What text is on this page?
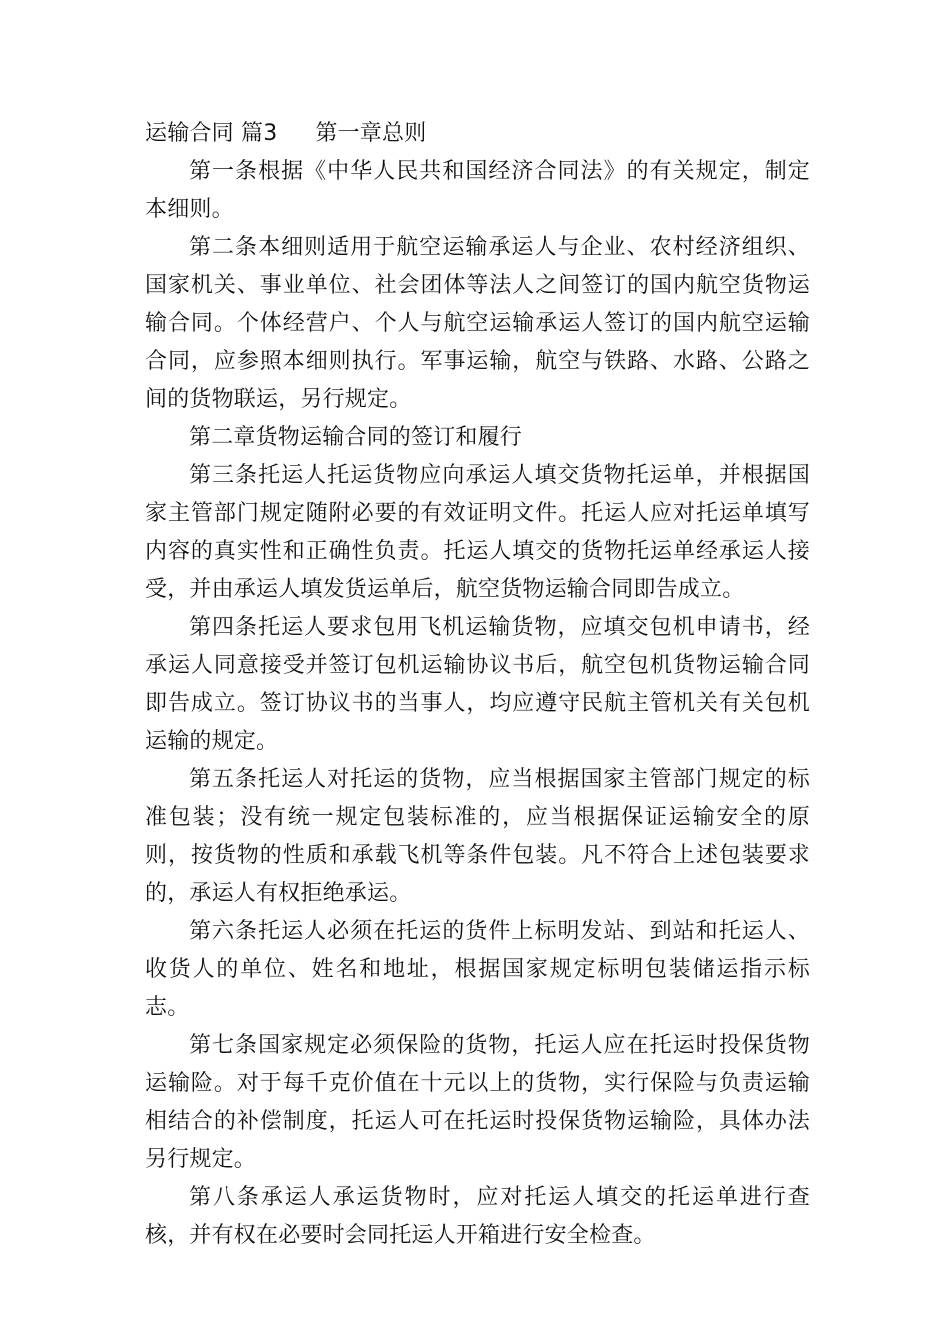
运输合同 篇3 第一章总则

第一条根据《中华人民共和国经济合同法》的有关规定，制定本细则。

第二条本细则适用于航空运输承运人与企业、农村经济组织、国家机关、事业单位、社会团体等法人之间签订的国内航空货物运输合同。个体经营户、个人与航空运输承运人签订的国内航空运输合同，应参照本细则执行。军事运输，航空与铁路、水路、公路之间的货物联运，另行规定。

第二章货物运输合同的签订和履行

第三条托运人托运货物应向承运人填交货物托运单，并根据国家主管部门规定随附必要的有效证明文件。托运人应对托运单填写内容的真实性和正确性负责。托运人填交的货物托运单经承运人接受，并由承运人填发货运单后，航空货物运输合同即告成立。

第四条托运人要求包用飞机运输货物，应填交包机申请书，经承运人同意接受并签订包机运输协议书后，航空包机货物运输合同即告成立。签订协议书的当事人，均应遵守民航主管机关有关包机运输的规定。

第五条托运人对托运的货物，应当根据国家主管部门规定的标准包装；没有统一规定包装标准的，应当根据保证运输安全的原则，按货物的性质和承载飞机等条件包装。凡不符合上述包装要求的，承运人有权拒绝承运。

第六条托运人必须在托运的货件上标明发站、到站和托运人、收货人的单位、姓名和地址，根据国家规定标明包装储运指示标志。

第七条国家规定必须保险的货物，托运人应在托运时投保货物运输险。对于每千克价值在十元以上的货物，实行保险与负责运输相结合的补偿制度，托运人可在托运时投保货物运输险，具体办法另行规定。

第八条承运人承运货物时，应对托运人填交的托运单进行查核，并有权在必要时会同托运人开箱进行安全检查。
